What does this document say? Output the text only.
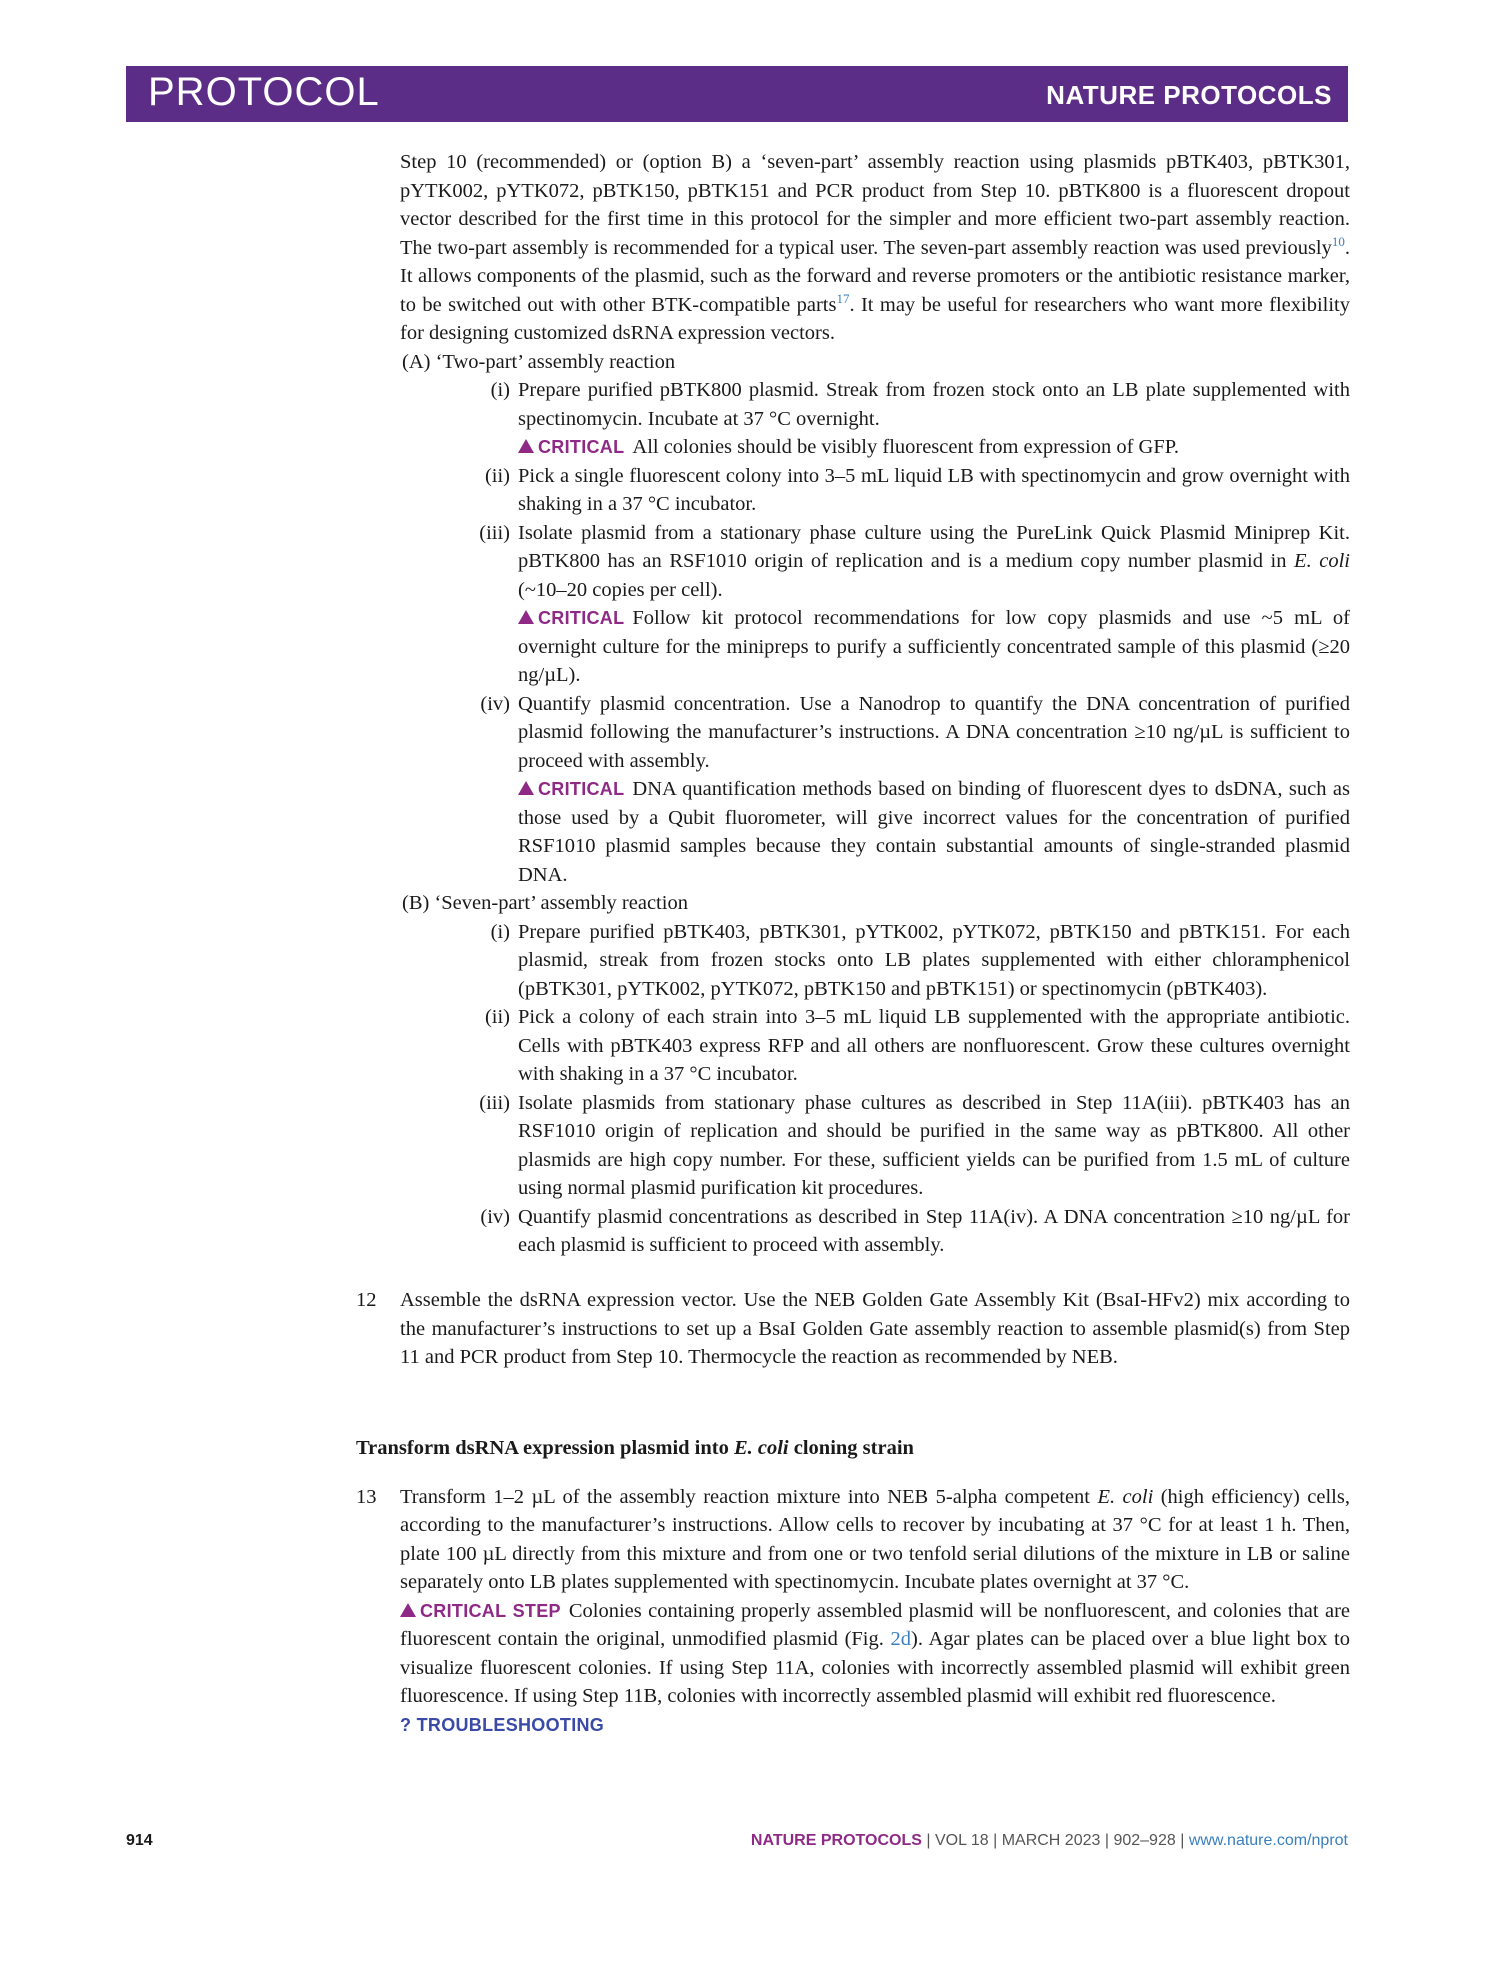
PROTOCOL	NATURE PROTOCOLS

Step 10 (recommended) or (option B) a ‘seven-part’ assembly reaction using plasmids pBTK403, pBTK301, pYTK002, pYTK072, pBTK150, pBTK151 and PCR product from Step 10. pBTK800 is a fluorescent dropout vector described for the first time in this protocol for the simpler and more efficient two-part assembly reaction. The two-part assembly is recommended for a typical user. The seven-part assembly reaction was used previously$^{10}$. It allows components of the plasmid, such as the forward and reverse promoters or the antibiotic resistance marker, to be switched out with other BTK-compatible parts$^{17}$. It may be useful for researchers who want more flexibility for designing customized dsRNA expression vectors.

(A) ‘Two-part’ assembly reaction

(i) Prepare purified pBTK800 plasmid. Streak from frozen stock onto an LB plate supplemented with spectinomycin. Incubate at 37 °C overnight.

CRITICAL All colonies should be visibly fluorescent from expression of GFP.

(ii) Pick a single fluorescent colony into 3–5 mL liquid LB with spectinomycin and grow overnight with shaking in a 37 °C incubator.

(iii) Isolate plasmid from a stationary phase culture using the PureLink Quick Plasmid Miniprep Kit. pBTK800 has an RSF1010 origin of replication and is a medium copy number plasmid in E. coli (~10–20 copies per cell).

CRITICAL Follow kit protocol recommendations for low copy plasmids and use ~5 mL of overnight culture for the minipreps to purify a sufficiently concentrated sample of this plasmid (≥20 ng/µL).

(iv) Quantify plasmid concentration. Use a Nanodrop to quantify the DNA concentration of purified plasmid following the manufacturer’s instructions. A DNA concentration ≥10 ng/µL is sufficient to proceed with assembly.

CRITICAL DNA quantification methods based on binding of fluorescent dyes to dsDNA, such as those used by a Qubit fluorometer, will give incorrect values for the concentration of purified RSF1010 plasmid samples because they contain substantial amounts of single-stranded plasmid DNA.

(B) ‘Seven-part’ assembly reaction

(i) Prepare purified pBTK403, pBTK301, pYTK002, pYTK072, pBTK150 and pBTK151. For each plasmid, streak from frozen stocks onto LB plates supplemented with either chloramphenicol (pBTK301, pYTK002, pYTK072, pBTK150 and pBTK151) or spectinomycin (pBTK403).

(ii) Pick a colony of each strain into 3–5 mL liquid LB supplemented with the appropriate antibiotic. Cells with pBTK403 express RFP and all others are nonfluorescent. Grow these cultures overnight with shaking in a 37 °C incubator.

(iii) Isolate plasmids from stationary phase cultures as described in Step 11A(iii). pBTK403 has an RSF1010 origin of replication and should be purified in the same way as pBTK800. All other plasmids are high copy number. For these, sufficient yields can be purified from 1.5 mL of culture using normal plasmid purification kit procedures.

(iv) Quantify plasmid concentrations as described in Step 11A(iv). A DNA concentration ≥10 ng/µL for each plasmid is sufficient to proceed with assembly.

12 Assemble the dsRNA expression vector. Use the NEB Golden Gate Assembly Kit (BsaI-HFv2) mix according to the manufacturer’s instructions to set up a BsaI Golden Gate assembly reaction to assemble plasmid(s) from Step 11 and PCR product from Step 10. Thermocycle the reaction as recommended by NEB.

Transform dsRNA expression plasmid into E. coli cloning strain

13 Transform 1–2 µL of the assembly reaction mixture into NEB 5-alpha competent E. coli (high efficiency) cells, according to the manufacturer’s instructions. Allow cells to recover by incubating at 37 °C for at least 1 h. Then, plate 100 µL directly from this mixture and from one or two tenfold serial dilutions of the mixture in LB or saline separately onto LB plates supplemented with spectinomycin. Incubate plates overnight at 37 °C.

CRITICAL STEP Colonies containing properly assembled plasmid will be nonfluorescent, and colonies that are fluorescent contain the original, unmodified plasmid (Fig. 2d). Agar plates can be placed over a blue light box to visualize fluorescent colonies. If using Step 11A, colonies with incorrectly assembled plasmid will exhibit green fluorescence. If using Step 11B, colonies with incorrectly assembled plasmid will exhibit red fluorescence.

? TROUBLESHOOTING

914	NATURE PROTOCOLS | VOL 18 | MARCH 2023 | 902–928 | www.nature.com/nprot
